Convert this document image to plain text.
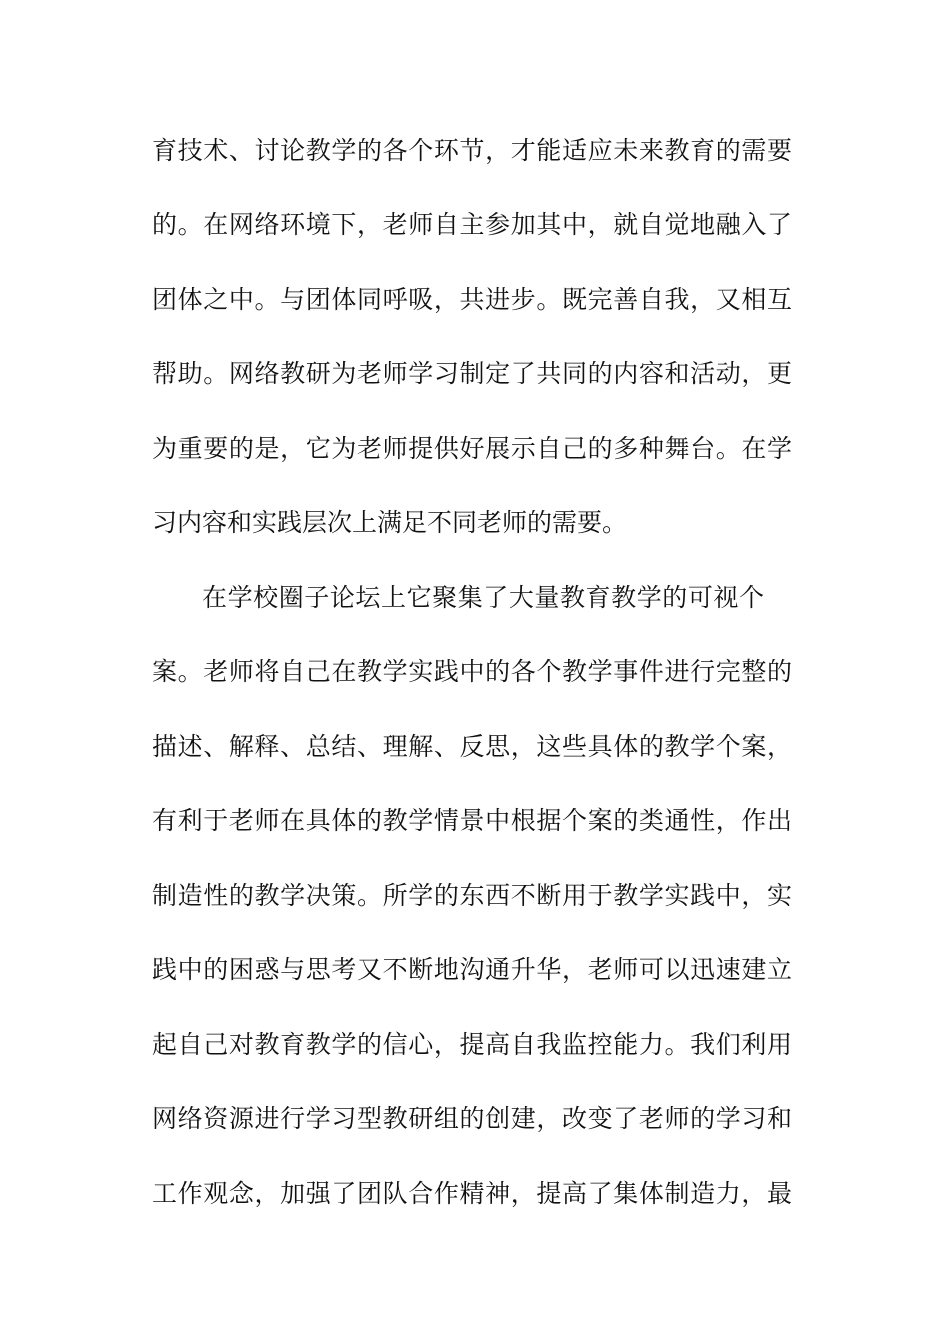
育技术、讨论教学的各个环节，才能适应未来教育的需要
的。在网络环境下，老师自主参加其中，就自觉地融入了
团体之中。与团体同呼吸，共进步。既完善自我，又相互
帮助。网络教研为老师学习制定了共同的内容和活动，更
为重要的是，它为老师提供好展示自己的多种舞台。在学
习内容和实践层次上满足不同老师的需要。
在学校圈子论坛上它聚集了大量教育教学的可视个
案。老师将自己在教学实践中的各个教学事件进行完整的
描述、解释、总结、理解、反思，这些具体的教学个案，
有利于老师在具体的教学情景中根据个案的类通性，作出
制造性的教学决策。所学的东西不断用于教学实践中，实
践中的困惑与思考又不断地沟通升华，老师可以迅速建立
起自己对教育教学的信心，提高自我监控能力。我们利用
网络资源进行学习型教研组的创建，改变了老师的学习和
工作观念，加强了团队合作精神，提高了集体制造力，最
